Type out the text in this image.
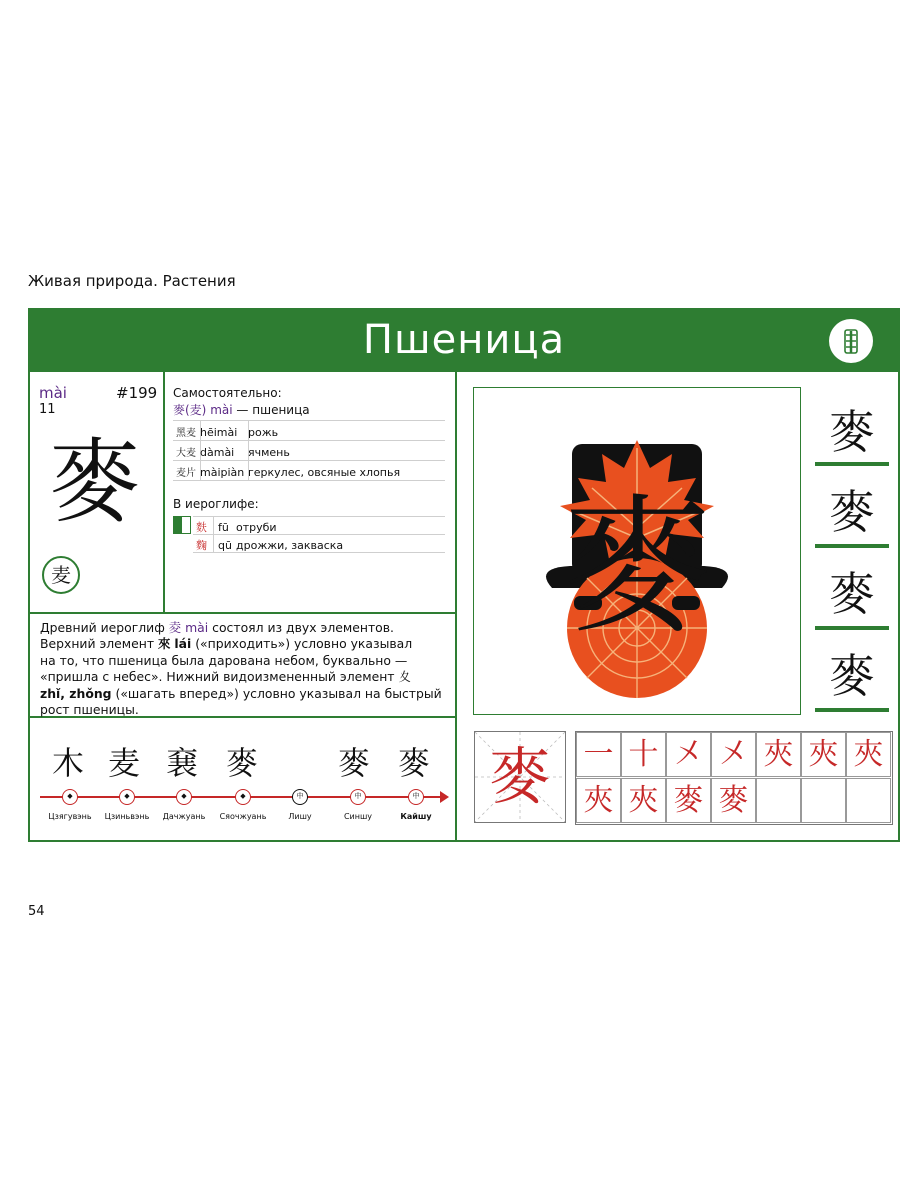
Живая природа. Растения
Пшеница
mài
11
#199
麥
麦
Самостоятельно:
麥(麦) mài — пшеница
黑麦 hēimài рожь
大麦 dàmài ячмень
麦片 màipiàn геркулес, овсяные хлопья
В иероглифе:
麩 fū отруби
麴 qū дрожжи, закваска
Древний иероглиф 夌 mài состоял из двух элементов.
Верхний элемент 來 lái («приходить») условно указывал
на то, что пшеница была дарована небом, буквально —
«пришла с небес». Нижний видоизмененный элемент 夊
zhǐ, zhǒng («шагать вперед») условно указывал на быстрый
рост пшеницы.
木 麦 㐮 麥 麥 麥
◆	◆	◆	◆	中	中	中
Цзягувэнь	Цзиньвэнь	Дачжуань	Сяочжуань	Лишу	Синшу	Кайшу
麥
麥
麥
麥
麥
麥	一 十 㐅 㐅 夾 夾 夾
夾 夾 麥 麥
54
